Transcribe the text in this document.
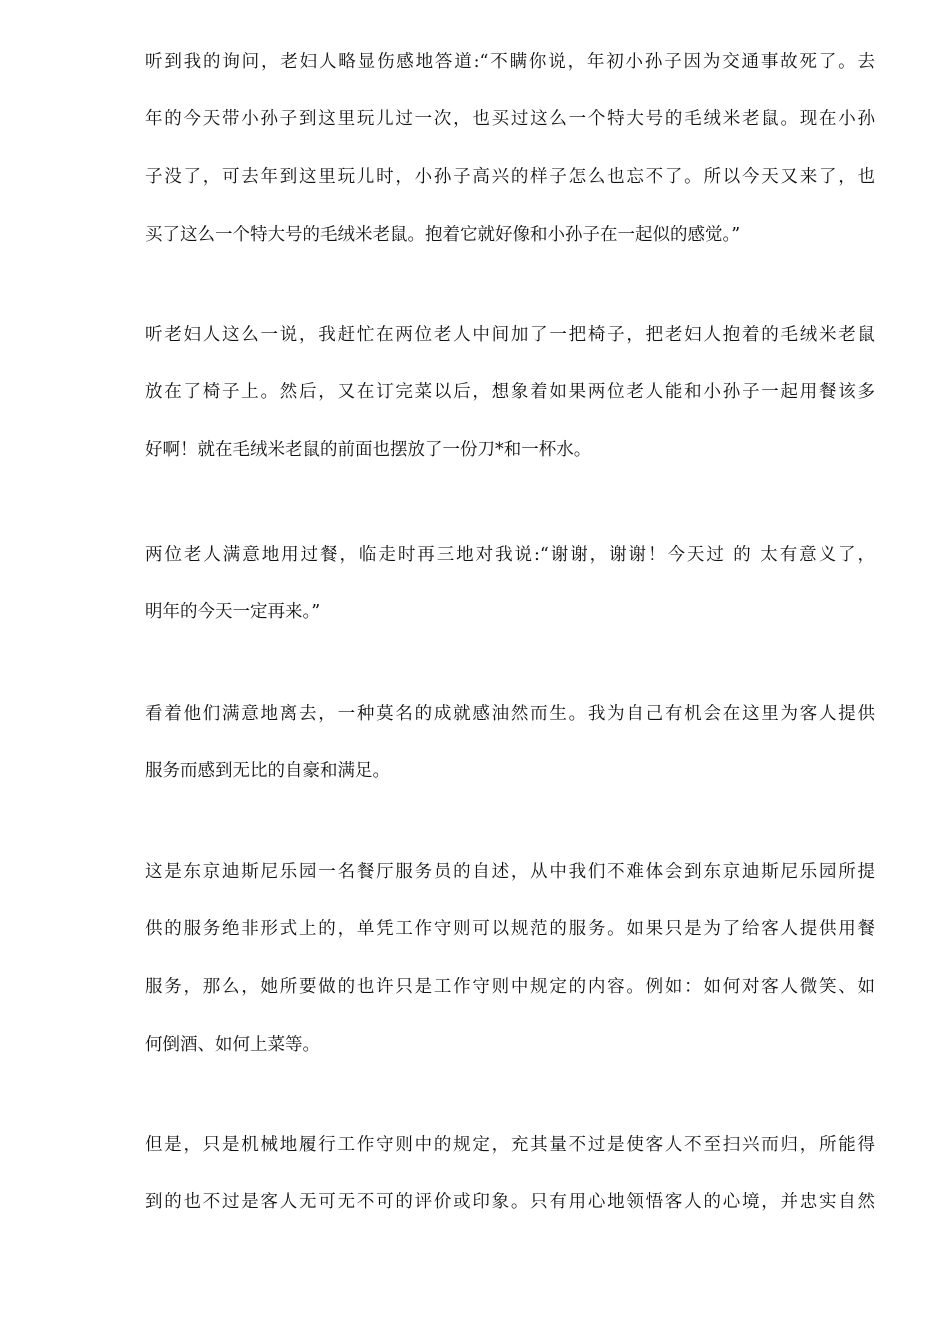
听到我的询问，老妇人略显伤感地答道:“不瞒你说，年初小孙子因为交通事故死了。去
年的今天带小孙子到这里玩儿过一次，也买过这么一个特大号的毛绒米老鼠。现在小孙
子没了，可去年到这里玩儿时，小孙子高兴的样子怎么也忘不了。所以今天又来了，也
买了这么一个特大号的毛绒米老鼠。抱着它就好像和小孙子在一起似的感觉。”
听老妇人这么一说，我赶忙在两位老人中间加了一把椅子，把老妇人抱着的毛绒米老鼠
放在了椅子上。然后，又在订完菜以后，想象着如果两位老人能和小孙子一起用餐该多
好啊！就在毛绒米老鼠的前面也摆放了一份刀*和一杯水。
两位老人满意地用过餐，临走时再三地对我说:“谢谢，谢谢！今天过 的 太有意义了，
明年的今天一定再来。”
看着他们满意地离去，一种莫名的成就感油然而生。我为自己有机会在这里为客人提供
服务而感到无比的自豪和满足。
这是东京迪斯尼乐园一名餐厅服务员的自述，从中我们不难体会到东京迪斯尼乐园所提
供的服务绝非形式上的，单凭工作守则可以规范的服务。如果只是为了给客人提供用餐
服务，那么，她所要做的也许只是工作守则中规定的内容。例如：如何对客人微笑、如
何倒酒、如何上菜等。
但是，只是机械地履行工作守则中的规定，充其量不过是使客人不至扫兴而归，所能得
到的也不过是客人无可无不可的评价或印象。只有用心地领悟客人的心境，并忠实自然
